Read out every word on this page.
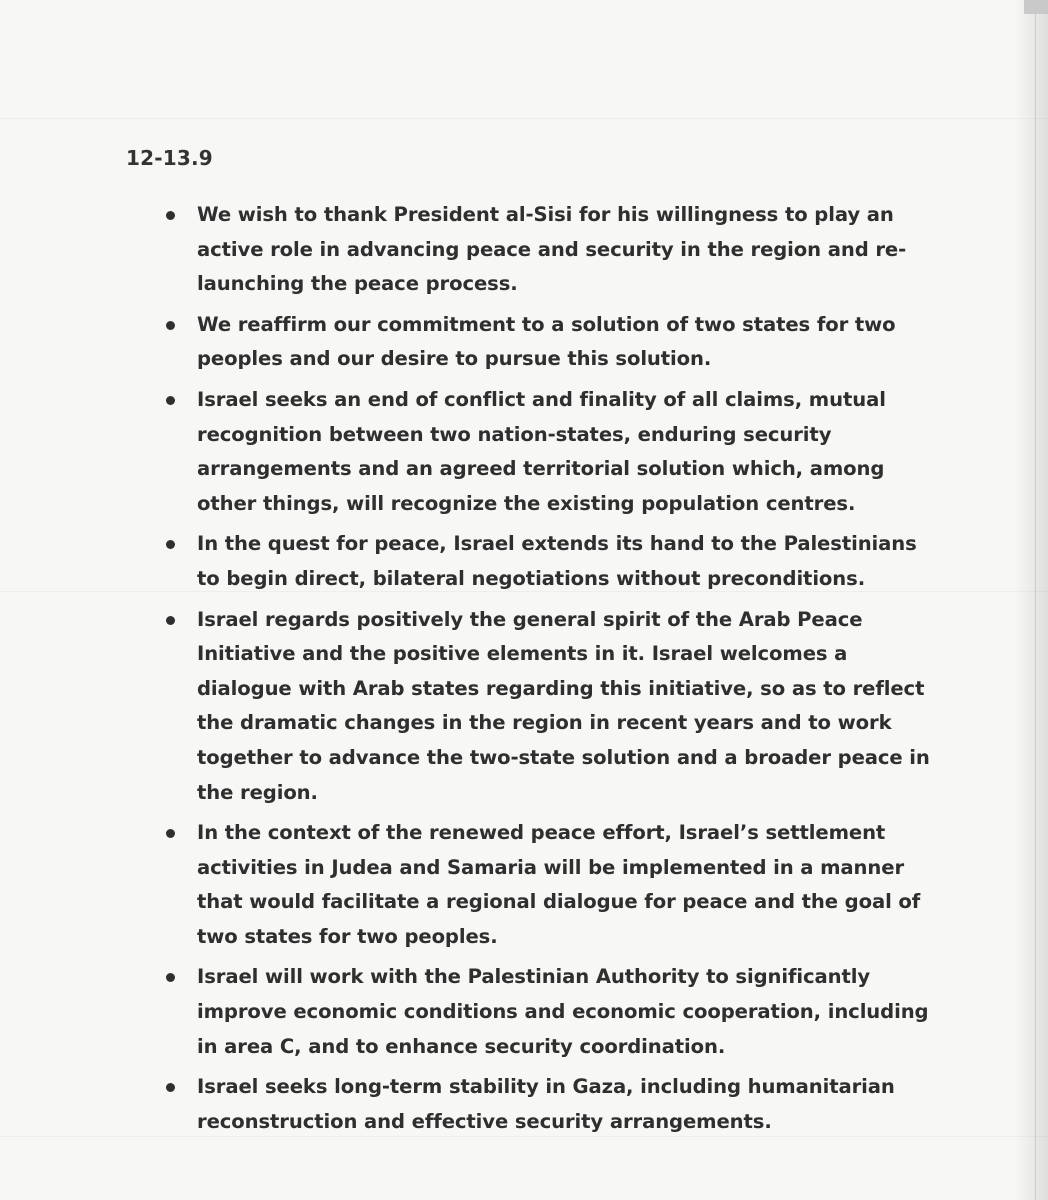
12-13.9

We wish to thank President al-Sisi for his willingness to play an active role in advancing peace and security in the region and re-launching the peace process.
We reaffirm our commitment to a solution of two states for two peoples and our desire to pursue this solution.
Israel seeks an end of conflict and finality of all claims, mutual recognition between two nation-states, enduring security arrangements and an agreed territorial solution which, among other things, will recognize the existing population centres.
In the quest for peace, Israel extends its hand to the Palestinians to begin direct, bilateral negotiations without preconditions.
Israel regards positively the general spirit of the Arab Peace Initiative and the positive elements in it. Israel welcomes a dialogue with Arab states regarding this initiative, so as to reflect the dramatic changes in the region in recent years and to work together to advance the two-state solution and a broader peace in the region.
In the context of the renewed peace effort, Israel’s settlement activities in Judea and Samaria will be implemented in a manner that would facilitate a regional dialogue for peace and the goal of two states for two peoples.
Israel will work with the Palestinian Authority to significantly improve economic conditions and economic cooperation, including in area C, and to enhance security coordination.
Israel seeks long-term stability in Gaza, including humanitarian reconstruction and effective security arrangements.
